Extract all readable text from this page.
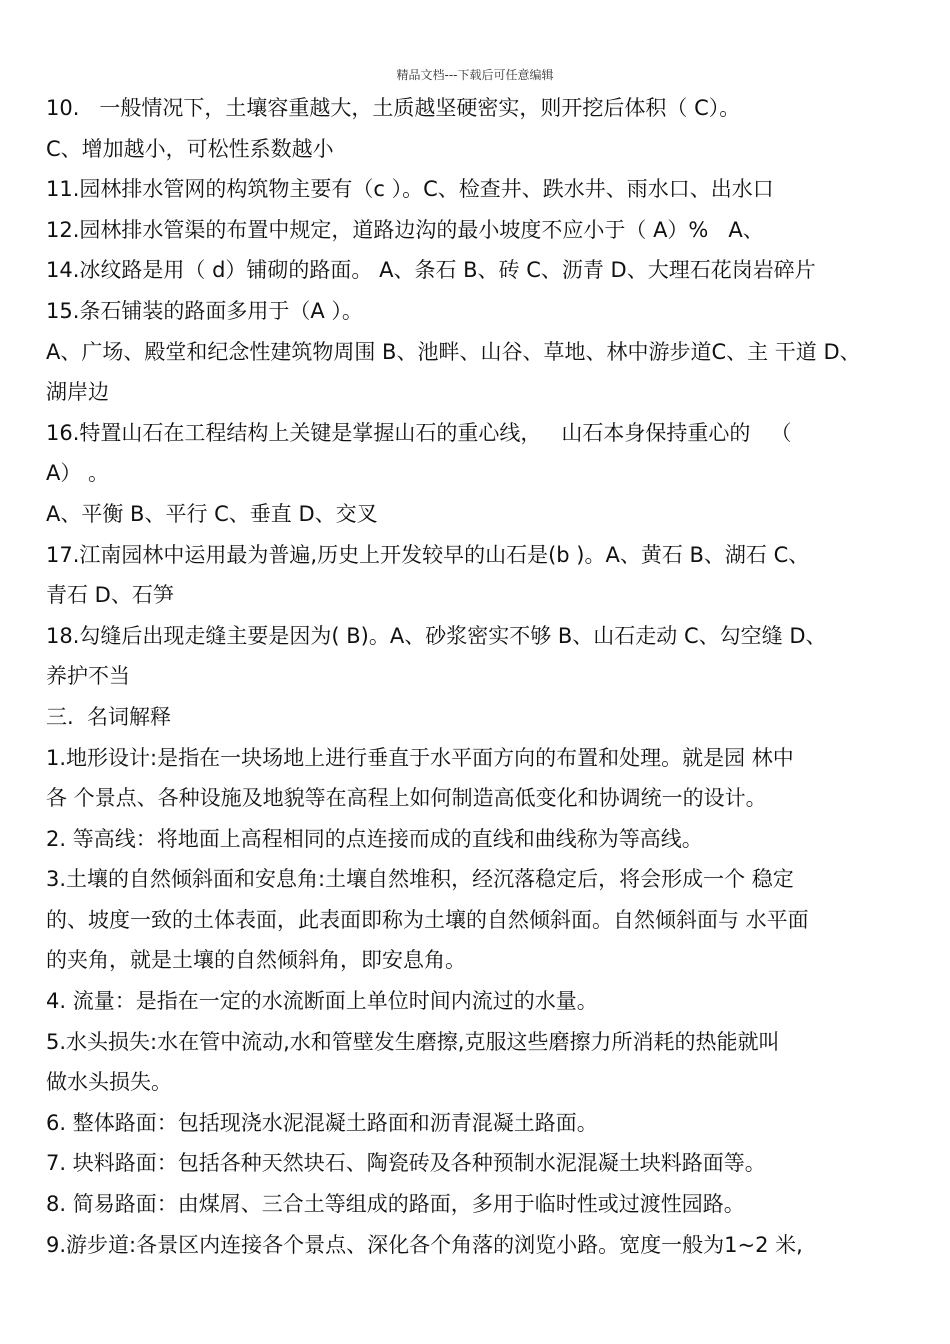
精品文档---下载后可任意编辑
10.   一般情况下，土壤容重越大，土质越坚硬密实，则开挖后体积（ C）。
C、增加越小，可松性系数越小
11.园林排水管网的构筑物主要有（c ）。C、检查井、跌水井、雨水口、出水口
12.园林排水管渠的布置中规定，道路边沟的最小坡度不应小于（ A）%   A、
14.冰纹路是用（ d）铺砌的路面。 A、条石 B、砖 C、沥青 D、大理石花岗岩碎片
15.条石铺装的路面多用于（A ）。
A、广场、殿堂和纪念性建筑物周围 B、池畔、山谷、草地、林中游步道C、主 干道 D、
湖岸边
16.特置山石在工程结构上关键是掌握山石的重心线，   山石本身保持重心的   （
A） 。
A、平衡 B、平行 C、垂直 D、交叉
17.江南园林中运用最为普遍,历史上开发较早的山石是(b )。A、黄石 B、湖石 C、
青石 D、石笋
18.勾缝后出现走缝主要是因为( B)。A、砂浆密实不够 B、山石走动 C、勾空缝 D、
养护不当
三.  名词解释
1.地形设计:是指在一块场地上进行垂直于水平面方向的布置和处理。就是园 林中
各 个景点、各种设施及地貌等在高程上如何制造高低变化和协调统一的设计。
2. 等高线：将地面上高程相同的点连接而成的直线和曲线称为等高线。
3.土壤的自然倾斜面和安息角:土壤自然堆积，经沉落稳定后，将会形成一个 稳定
的、坡度一致的土体表面，此表面即称为土壤的自然倾斜面。自然倾斜面与 水平面
的夹角，就是土壤的自然倾斜角，即安息角。
4. 流量：是指在一定的水流断面上单位时间内流过的水量。
5.水头损失:水在管中流动,水和管壁发生磨擦,克服这些磨擦力所消耗的热能就叫
做水头损失。
6. 整体路面：包括现浇水泥混凝土路面和沥青混凝土路面。
7. 块料路面：包括各种天然块石、陶瓷砖及各种预制水泥混凝土块料路面等。
8. 简易路面：由煤屑、三合土等组成的路面，多用于临时性或过渡性园路。
9.游步道:各景区内连接各个景点、深化各个角落的浏览小路。宽度一般为1~2 米,
